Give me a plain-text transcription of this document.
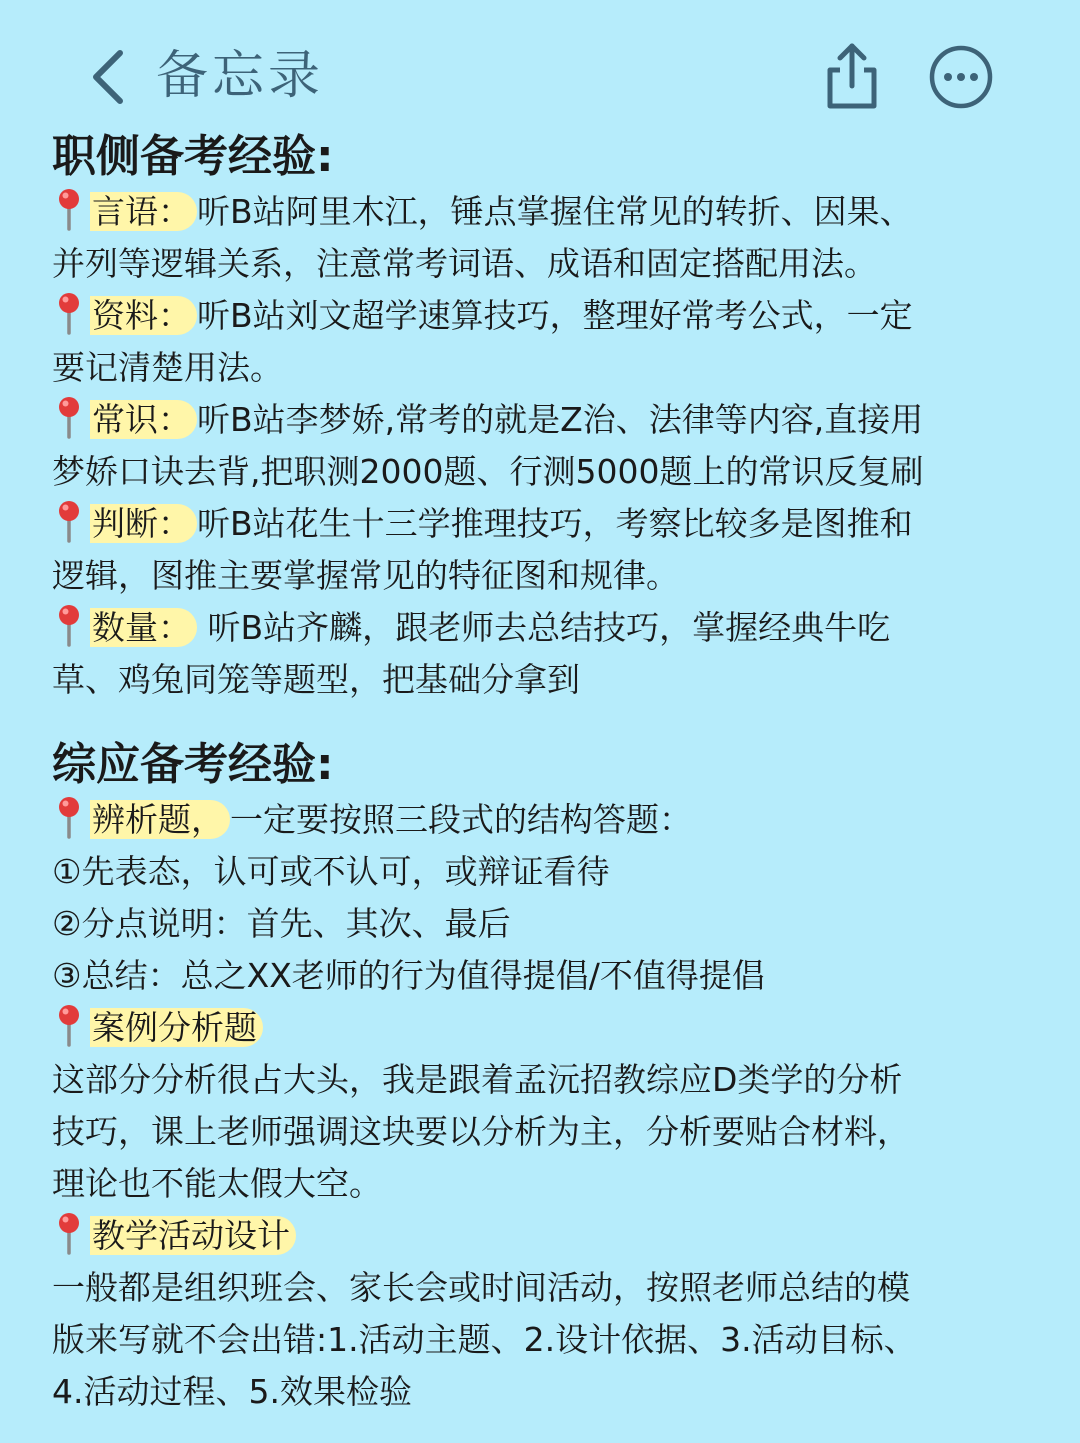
备忘录
职侧备考经验:
言语： 听B站阿里木江，锤点掌握住常见的转折、因果、
并列等逻辑关系，注意常考词语、成语和固定搭配用法。
资料： 听B站刘文超学速算技巧，整理好常考公式，一定
要记清楚用法。
常识： 听B站李梦娇,常考的就是Z治、法律等内容,直接用
梦娇口诀去背,把职测2000题、行测5000题上的常识反复刷
判断： 听B站花生十三学推理技巧，考察比较多是图推和
逻辑，图推主要掌握常见的特征图和规律。
数量： 听B站齐麟，跟老师去总结技巧，掌握经典牛吃
草、鸡兔同笼等题型，把基础分拿到
综应备考经验:
辨析题， 一定要按照三段式的结构答题：
①先表态，认可或不认可，或辩证看待
②分点说明：首先、其次、最后
③总结：总之XX老师的行为值得提倡/不值得提倡
案例分析题
这部分分析很占大头，我是跟着孟沅招教综应D类学的分析
技巧，课上老师强调这块要以分析为主，分析要贴合材料，
理论也不能太假大空。
教学活动设计
一般都是组织班会、家长会或时间活动，按照老师总结的模
版来写就不会出错:1.活动主题、2.设计依据、3.活动目标、
4.活动过程、5.效果检验
